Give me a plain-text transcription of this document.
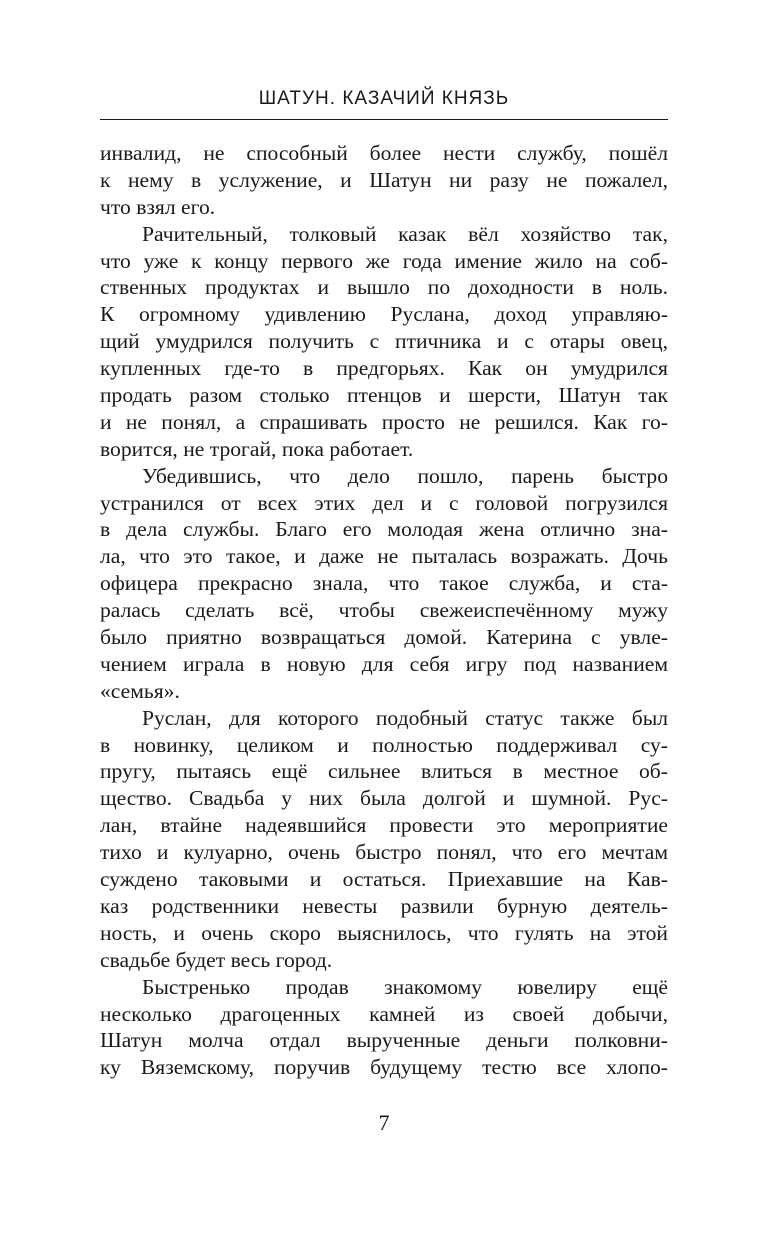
ШАТУН. КАЗАЧИЙ КНЯЗЬ
инвалид, не способный более нести службу, пошёл
к нему в услужение, и Шатун ни разу не пожалел,
что взял его.
Рачительный, толковый казак вёл хозяйство так,
что уже к концу первого же года имение жило на соб-
ственных продуктах и вышло по доходности в ноль.
К огромному удивлению Руслана, доход управляю-
щий умудрился получить с птичника и с отары овец,
купленных где-то в предгорьях. Как он умудрился
продать разом столько птенцов и шерсти, Шатун так
и не понял, а спрашивать просто не решился. Как го-
ворится, не трогай, пока работает.
Убедившись, что дело пошло, парень быстро
устранился от всех этих дел и с головой погрузился
в дела службы. Благо его молодая жена отлично зна-
ла, что это такое, и даже не пыталась возражать. Дочь
офицера прекрасно знала, что такое служба, и ста-
ралась сделать всё, чтобы свежеиспечённому мужу
было приятно возвращаться домой. Катерина с увле-
чением играла в новую для себя игру под названием
«семья».
Руслан, для которого подобный статус также был
в новинку, целиком и полностью поддерживал су-
пругу, пытаясь ещё сильнее влиться в местное об-
щество. Свадьба у них была долгой и шумной. Рус-
лан, втайне надеявшийся провести это мероприятие
тихо и кулуарно, очень быстро понял, что его мечтам
суждено таковыми и остаться. Приехавшие на Кав-
каз родственники невесты развили бурную деятель-
ность, и очень скоро выяснилось, что гулять на этой
свадьбе будет весь город.
Быстренько продав знакомому ювелиру ещё
несколько драгоценных камней из своей добычи,
Шатун молча отдал вырученные деньги полковни-
ку Вяземскому, поручив будущему тестю все хлопо-
7
